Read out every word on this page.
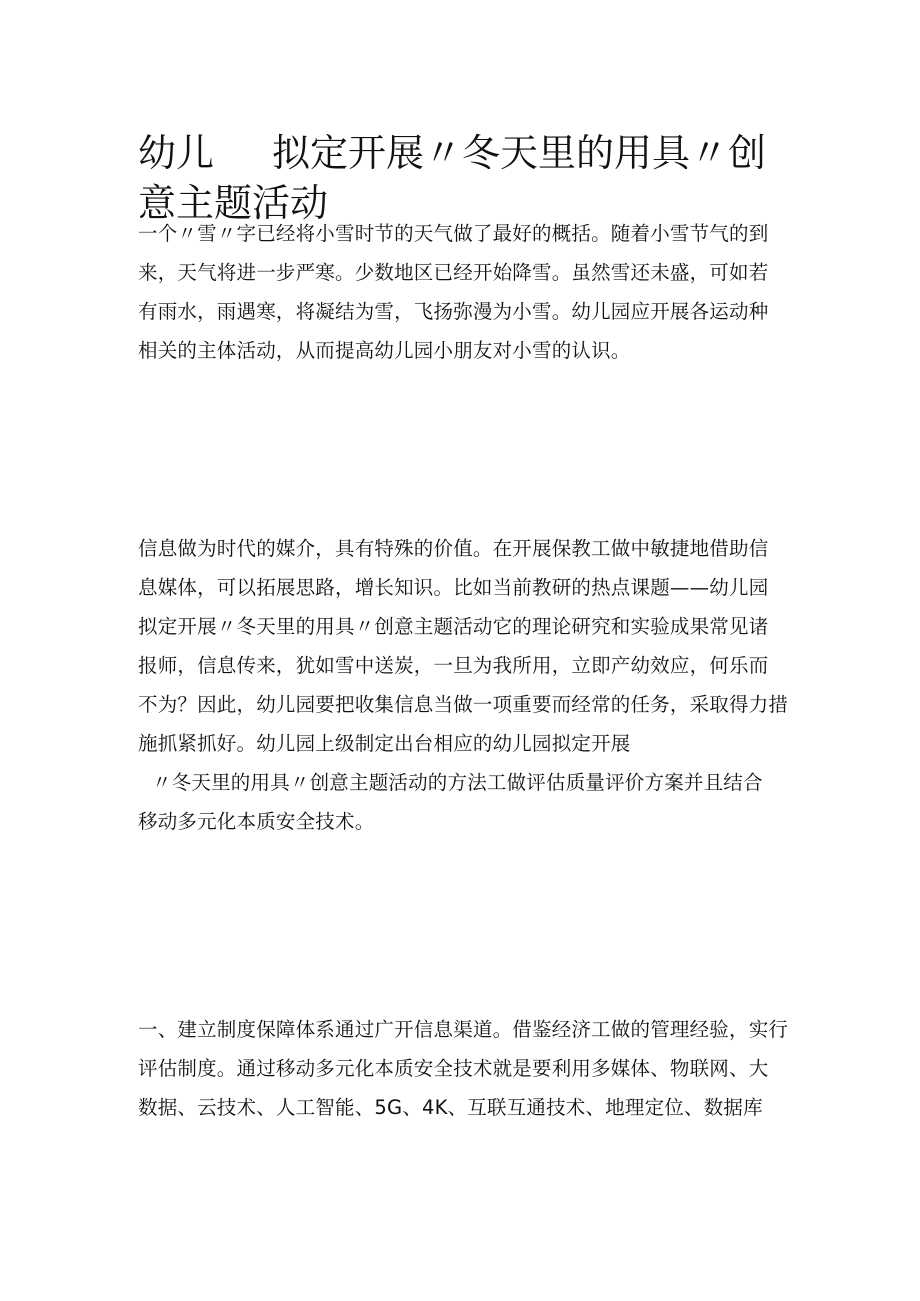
幼儿 拟定开展〃冬天里的用具〃创
意主题活动

一个〃雪〃字已经将小雪时节的天气做了最好的概括。随着小雪节气的到
来，天气将进一步严寒。少数地区已经开始降雪。虽然雪还未盛，可如若
有雨水，雨遇寒，将凝结为雪，飞扬弥漫为小雪。幼儿园应开展各运动种
相关的主体活动，从而提高幼儿园小朋友对小雪的认识。

信息做为时代的媒介，具有特殊的价值。在开展保教工做中敏捷地借助信
息媒体，可以拓展思路，增长知识。比如当前教研的热点课题——幼儿园
拟定开展〃冬天里的用具〃创意主题活动它的理论研究和实验成果常见诸
报师，信息传来，犹如雪中送炭，一旦为我所用，立即产幼效应，何乐而
不为？因此，幼儿园要把收集信息当做一项重要而经常的任务，采取得力措
施抓紧抓好。幼儿园上级制定出台相应的幼儿园拟定开展
〃冬天里的用具〃创意主题活动的方法工做评估质量评价方案并且结合
移动多元化本质安全技术。

一、建立制度保障体系通过广开信息渠道。借鉴经济工做的管理经验，实行
评估制度。通过移动多元化本质安全技术就是要利用多媒体、物联网、大
数据、云技术、人工智能、5G、4K、互联互通技术、地理定位、数据库
